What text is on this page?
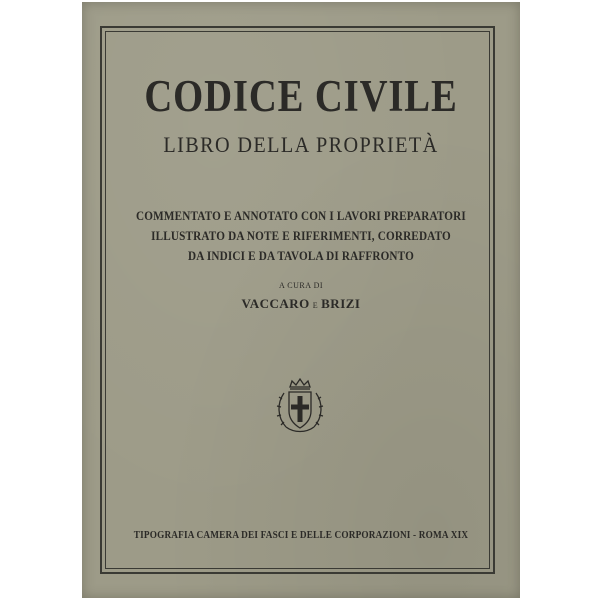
CODICE CIVILE
LIBRO DELLA PROPRIETÀ
COMMENTATO E ANNOTATO CON I LAVORI PREPARATORI
ILLUSTRATO DA NOTE E RIFERIMENTI, CORREDATO
DA INDICI E DA TAVOLA DI RAFFRONTO
A CURA DI
VACCARO E BRIZI
TIPOGRAFIA CAMERA DEI FASCI E DELLE CORPORAZIONI - ROMA XIX
